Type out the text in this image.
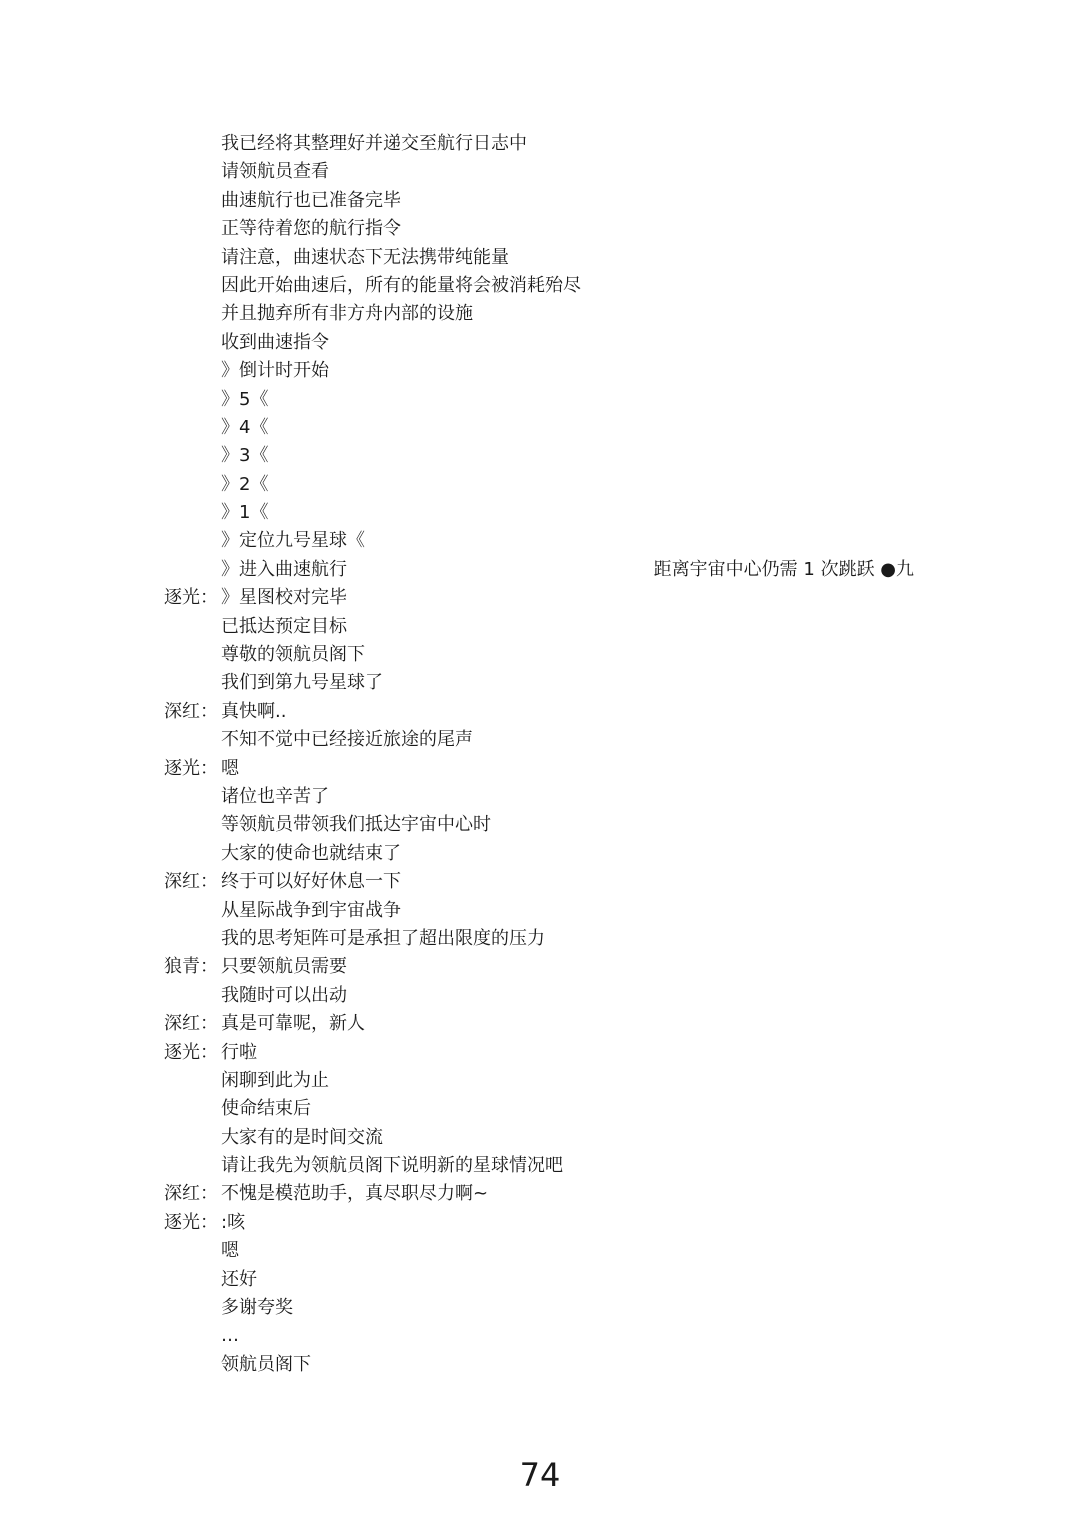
我已经将其整理好并递交至航行日志中
请领航员查看
曲速航行也已准备完毕
正等待着您的航行指令
请注意，曲速状态下无法携带纯能量
因此开始曲速后，所有的能量将会被消耗殆尽
并且抛弃所有非方舟内部的设施
收到曲速指令
》倒计时开始
》5《
》4《
》3《
》2《
》1《
》定位九号星球《
》进入曲速航行	距离宇宙中心仍需 1 次跳跃 ●九
逐光： 》星图校对完毕
已抵达预定目标
尊敬的领航员阁下
我们到第九号星球了
深红： 真快啊..
不知不觉中已经接近旅途的尾声
逐光： 嗯
诸位也辛苦了
等领航员带领我们抵达宇宙中心时
大家的使命也就结束了
深红： 终于可以好好休息一下
从星际战争到宇宙战争
我的思考矩阵可是承担了超出限度的压力
狼青： 只要领航员需要
我随时可以出动
深红： 真是可靠呢，新人
逐光： 行啦
闲聊到此为止
使命结束后
大家有的是时间交流
请让我先为领航员阁下说明新的星球情况吧
深红： 不愧是模范助手，真尽职尽力啊~
逐光： :咳
嗯
还好
多谢夸奖
…
领航员阁下
74
